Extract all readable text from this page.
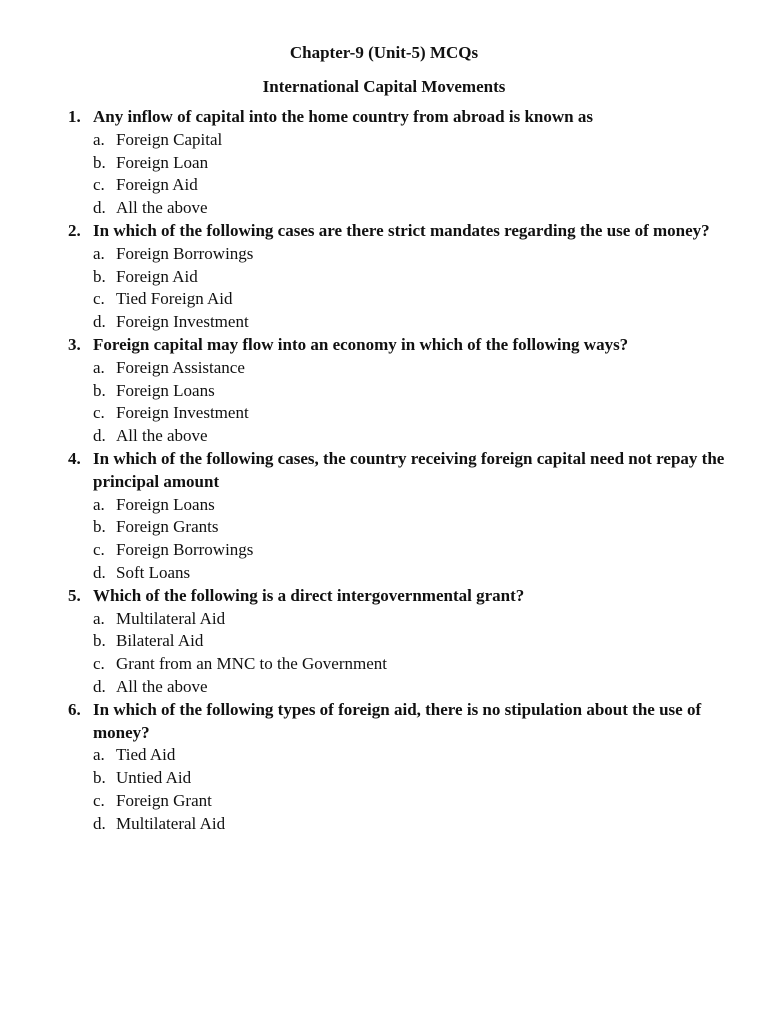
Chapter-9 (Unit-5) MCQs
International Capital Movements
1. Any inflow of capital into the home country from abroad is known as
a. Foreign Capital
b. Foreign Loan
c. Foreign Aid
d. All the above
2. In which of the following cases are there strict mandates regarding the use of money?
a. Foreign Borrowings
b. Foreign Aid
c. Tied Foreign Aid
d. Foreign Investment
3. Foreign capital may flow into an economy in which of the following ways?
a. Foreign Assistance
b. Foreign Loans
c. Foreign Investment
d. All the above
4. In which of the following cases, the country receiving foreign capital need not repay the principal amount
a. Foreign Loans
b. Foreign Grants
c. Foreign Borrowings
d. Soft Loans
5. Which of the following is a direct intergovernmental grant?
a. Multilateral Aid
b. Bilateral Aid
c. Grant from an MNC to the Government
d. All the above
6. In which of the following types of foreign aid, there is no stipulation about the use of money?
a. Tied Aid
b. Untied Aid
c. Foreign Grant
d. Multilateral Aid
